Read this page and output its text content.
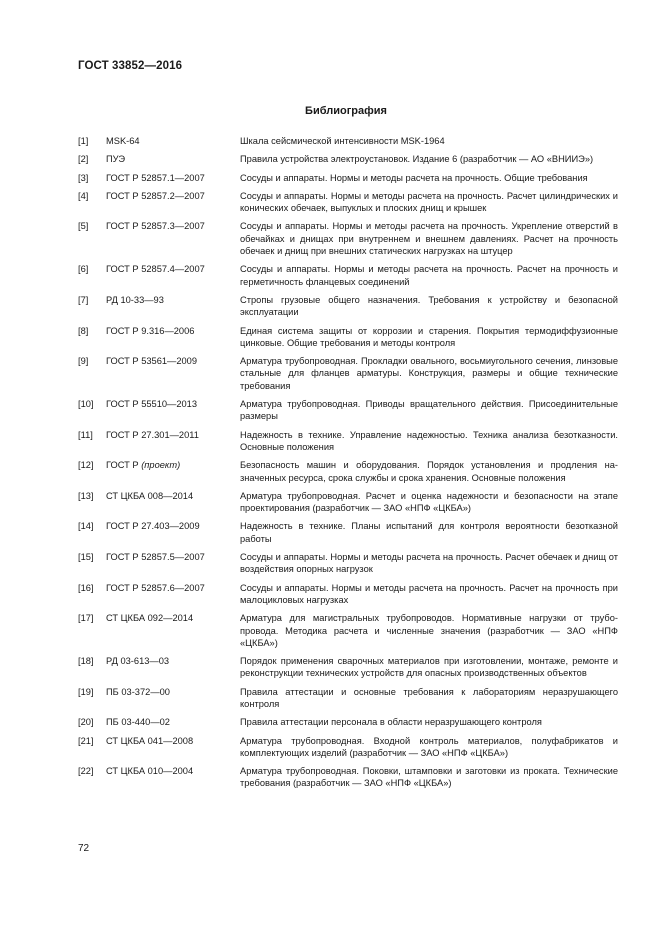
ГОСТ 33852—2016
Библиография
[1]	MSK-64	Шкала сейсмической интенсивности MSK-1964
[2]	ПУЭ	Правила устройства электроустановок. Издание 6 (разработчик — АО «ВНИИЭ»)
[3]	ГОСТ Р 52857.1—2007	Сосуды и аппараты. Нормы и методы расчета на прочность. Общие требования
[4]	ГОСТ Р 52857.2—2007	Сосуды и аппараты. Нормы и методы расчета на прочность. Расчет цилиндрических и конических обечаек, выпуклых и плоских днищ и крышек
[5]	ГОСТ Р 52857.3—2007	Сосуды и аппараты. Нормы и методы расчета на прочность. Укрепление отверстий в обечайках и днищах при внутреннем и внешнем давлениях. Расчет на прочность обечаек и днищ при внешних статических нагрузках на штуцер
[6]	ГОСТ Р 52857.4—2007	Сосуды и аппараты. Нормы и методы расчета на прочность. Расчет на прочность и герметичность фланцевых соединений
[7]	РД 10-33—93	Стропы грузовые общего назначения. Требования к устройству и безопасной эксплуатации
[8]	ГОСТ Р 9.316—2006	Единая система защиты от коррозии и старения. Покрытия термодиффузионные цинковые. Общие требования и методы контроля
[9]	ГОСТ Р 53561—2009	Арматура трубопроводная. Прокладки овального, восьмиугольного сечения, линзовые стальные для фланцев арматуры. Конструкция, размеры и общие технические требования
[10]	ГОСТ Р 55510—2013	Арматура трубопроводная. Приводы вращательного действия. Присоединительные размеры
[11]	ГОСТ Р 27.301—2011	Надежность в технике. Управление надежностью. Техника анализа безотказности. Основные положения
[12]	ГОСТ Р (проект)	Безопасность машин и оборудования. Порядок установления и продления назначенных ресурса, срока службы и срока хранения. Основные положения
[13]	СТ ЦКБА 008—2014	Арматура трубопроводная. Расчет и оценка надежности и безопасности на этапе проектирования (разработчик — ЗАО «НПФ «ЦКБА»)
[14]	ГОСТ Р 27.403—2009	Надежность в технике. Планы испытаний для контроля вероятности безотказной работы
[15]	ГОСТ Р 52857.5—2007	Сосуды и аппараты. Нормы и методы расчета на прочность. Расчет обечаек и днищ от воздействия опорных нагрузок
[16]	ГОСТ Р 52857.6—2007	Сосуды и аппараты. Нормы и методы расчета на прочность. Расчет на прочность при малоцикловых нагрузках
[17]	СТ ЦКБА 092—2014	Арматура для магистральных трубопроводов. Нормативные нагрузки от трубопровода. Методика расчета и численные значения (разработчик — ЗАО «НПФ «ЦКБА»)
[18]	РД 03-613—03	Порядок применения сварочных материалов при изготовлении, монтаже, ремонте и реконструкции технических устройств для опасных производственных объектов
[19]	ПБ 03-372—00	Правила аттестации и основные требования к лабораториям неразрушающего контроля
[20]	ПБ 03-440—02	Правила аттестации персонала в области неразрушающего контроля
[21]	СТ ЦКБА 041—2008	Арматура трубопроводная. Входной контроль материалов, полуфабрикатов и комплектующих изделий (разработчик — ЗАО «НПФ «ЦКБА»)
[22]	СТ ЦКБА 010—2004	Арматура трубопроводная. Поковки, штамповки и заготовки из проката. Технические требования (разработчик — ЗАО «НПФ «ЦКБА»)
72
